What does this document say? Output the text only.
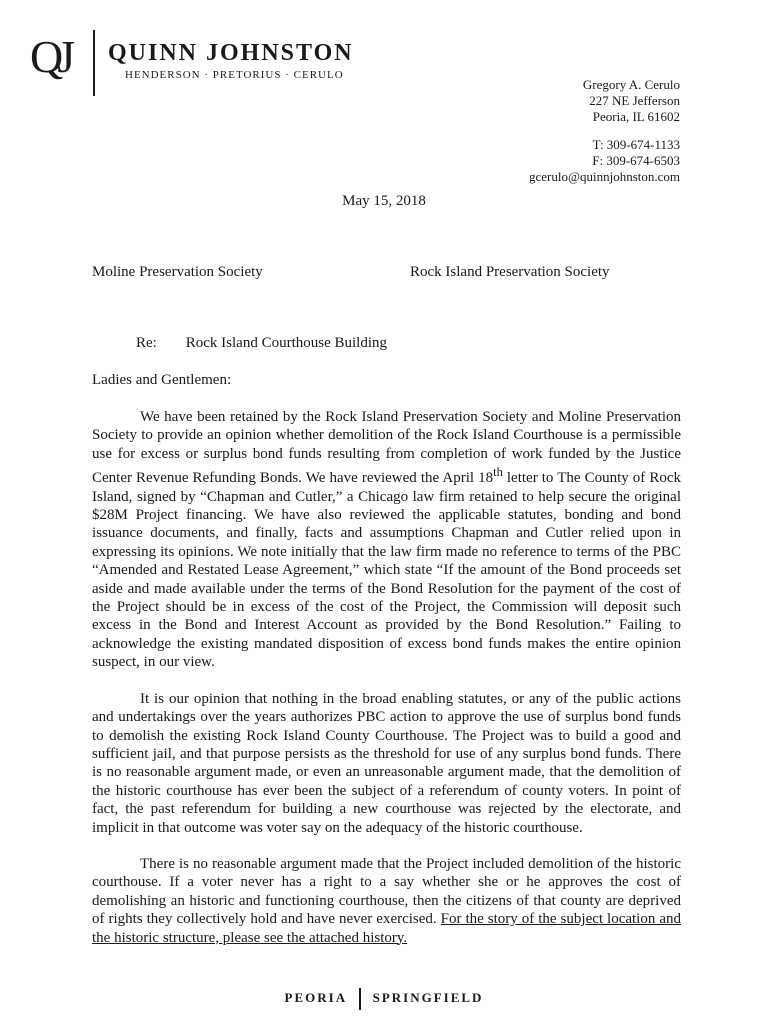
QJ QUINN JOHNSTON
HENDERSON · PRETORIUS · CERULO
Gregory A. Cerulo
227 NE Jefferson
Peoria, IL 61602
T: 309-674-1133
F: 309-674-6503
gcerulo@quinnjohnston.com
May 15, 2018
Moline Preservation Society	Rock Island Preservation Society
Re: Rock Island Courthouse Building
Ladies and Gentlemen:

We have been retained by the Rock Island Preservation Society and Moline Preservation Society to provide an opinion whether demolition of the Rock Island Courthouse is a permissible use for excess or surplus bond funds resulting from completion of work funded by the Justice Center Revenue Refunding Bonds. We have reviewed the April 18th letter to The County of Rock Island, signed by “Chapman and Cutler,” a Chicago law firm retained to help secure the original $28M Project financing. We have also reviewed the applicable statutes, bonding and bond issuance documents, and finally, facts and assumptions Chapman and Cutler relied upon in expressing its opinions. We note initially that the law firm made no reference to terms of the PBC “Amended and Restated Lease Agreement,” which state “If the amount of the Bond proceeds set aside and made available under the terms of the Bond Resolution for the payment of the cost of the Project should be in excess of the cost of the Project, the Commission will deposit such excess in the Bond and Interest Account as provided by the Bond Resolution.” Failing to acknowledge the existing mandated disposition of excess bond funds makes the entire opinion suspect, in our view.

It is our opinion that nothing in the broad enabling statutes, or any of the public actions and undertakings over the years authorizes PBC action to approve the use of surplus bond funds to demolish the existing Rock Island County Courthouse. The Project was to build a good and sufficient jail, and that purpose persists as the threshold for use of any surplus bond funds. There is no reasonable argument made, or even an unreasonable argument made, that the demolition of the historic courthouse has ever been the subject of a referendum of county voters. In point of fact, the past referendum for building a new courthouse was rejected by the electorate, and implicit in that outcome was voter say on the adequacy of the historic courthouse.

There is no reasonable argument made that the Project included demolition of the historic courthouse. If a voter never has a right to a say whether she or he approves the cost of demolishing an historic and functioning courthouse, then the citizens of that county are deprived of rights they collectively hold and have never exercised. For the story of the subject location and the historic structure, please see the attached history.

PEORIA SPRINGFIELD
